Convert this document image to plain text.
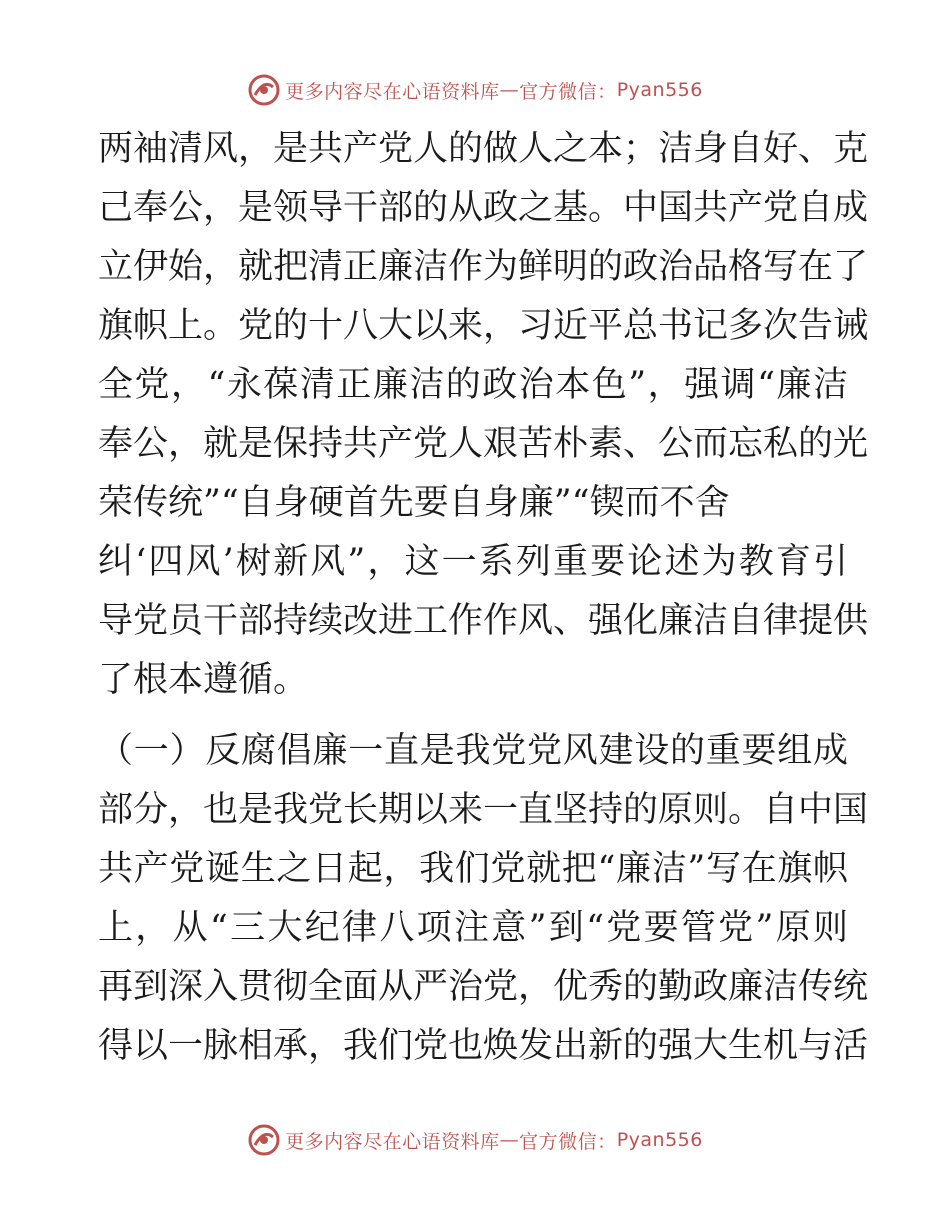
更多内容尽在心语资料库 — 官方微信： Pyan556
两袖清风，是共产党人的做人之本；洁身自好、克
己奉公，是领导干部的从政之基。中国共产党自成
立伊始，就把清正廉洁作为鲜明的政治品格写在了
旗帜上。党的十八大以来，习近平总书记多次告诫
全党，“永葆清正廉洁的政治本色”，强调“廉洁
奉公，就是保持共产党人艰苦朴素、公而忘私的光
荣传统”“自身硬首先要自身廉”“锲而不舍
纠‘四风’树新风”，这一系列重要论述为教育引
导党员干部持续改进工作作风、强化廉洁自律提供
了根本遵循。
（一）反腐倡廉一直是我党党风建设的重要组成
部分，也是我党长期以来一直坚持的原则。自中国
共产党诞生之日起，我们党就把“廉洁”写在旗帜
上，从“三大纪律八项注意”到“党要管党”原则
再到深入贯彻全面从严治党，优秀的勤政廉洁传统
得以一脉相承，我们党也焕发出新的强大生机与活
更多内容尽在心语资料库 — 官方微信： Pyan556
